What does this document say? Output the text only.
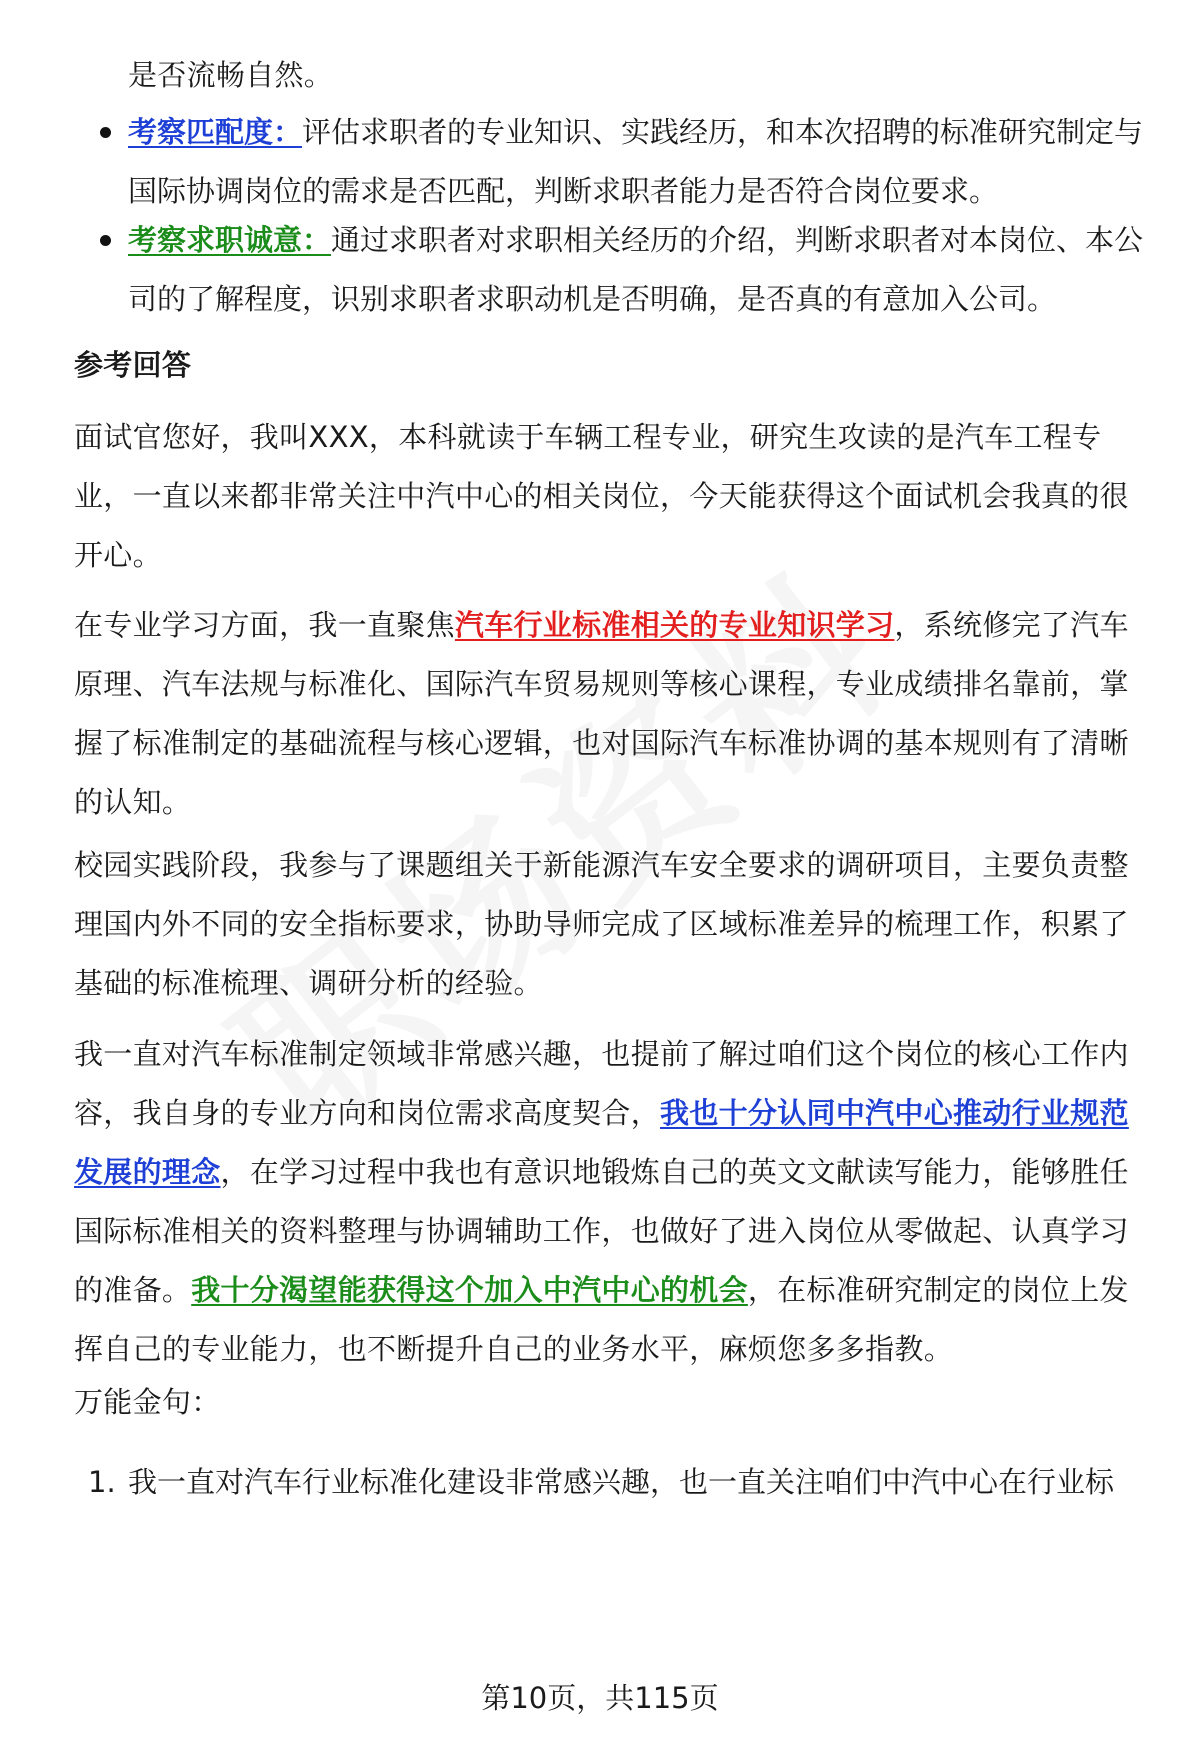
是否流畅自然。

考察匹配度：评估求职者的专业知识、实践经历，和本次招聘的标准研究制定与国际协调岗位的需求是否匹配，判断求职者能力是否符合岗位要求。
考察求职诚意：通过求职者对求职相关经历的介绍，判断求职者对本岗位、本公司的了解程度，识别求职者求职动机是否明确，是否真的有意加入公司。

参考回答

面试官您好，我叫XXX，本科就读于车辆工程专业，研究生攻读的是汽车工程专业，一直以来都非常关注中汽中心的相关岗位，今天能获得这个面试机会我真的很开心。

在专业学习方面，我一直聚焦汽车行业标准相关的专业知识学习，系统修完了汽车原理、汽车法规与标准化、国际汽车贸易规则等核心课程，专业成绩排名靠前，掌握了标准制定的基础流程与核心逻辑，也对国际汽车标准协调的基本规则有了清晰的认知。

校园实践阶段，我参与了课题组关于新能源汽车安全要求的调研项目，主要负责整理国内外不同的安全指标要求，协助导师完成了区域标准差异的梳理工作，积累了基础的标准梳理、调研分析的经验。

我一直对汽车标准制定领域非常感兴趣，也提前了解过咱们这个岗位的核心工作内容，我自身的专业方向和岗位需求高度契合，我也十分认同中汽中心推动行业规范发展的理念，在学习过程中我也有意识地锻炼自己的英文文献读写能力，能够胜任国际标准相关的资料整理与协调辅助工作，也做好了进入岗位从零做起、认真学习的准备。我十分渴望能获得这个加入中汽中心的机会，在标准研究制定的岗位上发挥自己的专业能力，也不断提升自己的业务水平，麻烦您多多指教。

万能金句：

1. 我一直对汽车行业标准化建设非常感兴趣，也一直关注咱们中汽中心在行业标
第10页，共115页
